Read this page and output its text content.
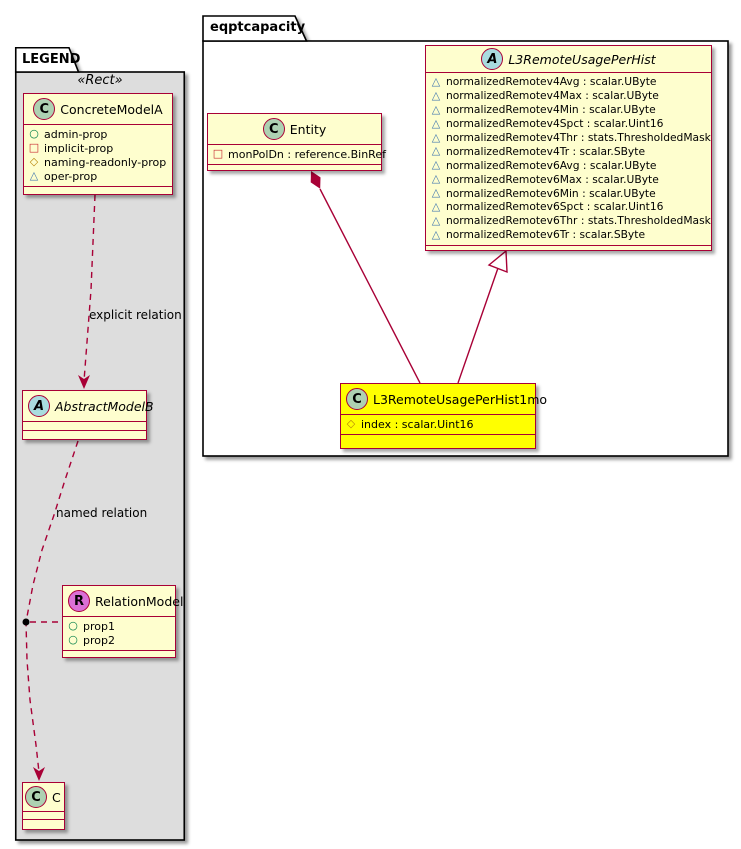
LEGEND
eqptcapacity
«Rect»
explicit relation
named relation
C ConcreteModelA
○ admin-prop
□ implicit-prop
◇ naming-readonly-prop
△ oper-prop
A AbstractModelB
R RelationModel
○ prop1
○ prop2
C C
C Entity
□ monPolDn : reference.BinRef
A L3RemoteUsagePerHist
△ normalizedRemotev4Avg : scalar.UByte
△ normalizedRemotev4Max : scalar.UByte
△ normalizedRemotev4Min : scalar.UByte
△ normalizedRemotev4Spct : scalar.Uint16
△ normalizedRemotev4Thr : stats.ThresholdedMask
△ normalizedRemotev4Tr : scalar.SByte
△ normalizedRemotev6Avg : scalar.UByte
△ normalizedRemotev6Max : scalar.UByte
△ normalizedRemotev6Min : scalar.UByte
△ normalizedRemotev6Spct : scalar.Uint16
△ normalizedRemotev6Thr : stats.ThresholdedMask
△ normalizedRemotev6Tr : scalar.SByte
C L3RemoteUsagePerHist1mo
◇ index : scalar.Uint16
